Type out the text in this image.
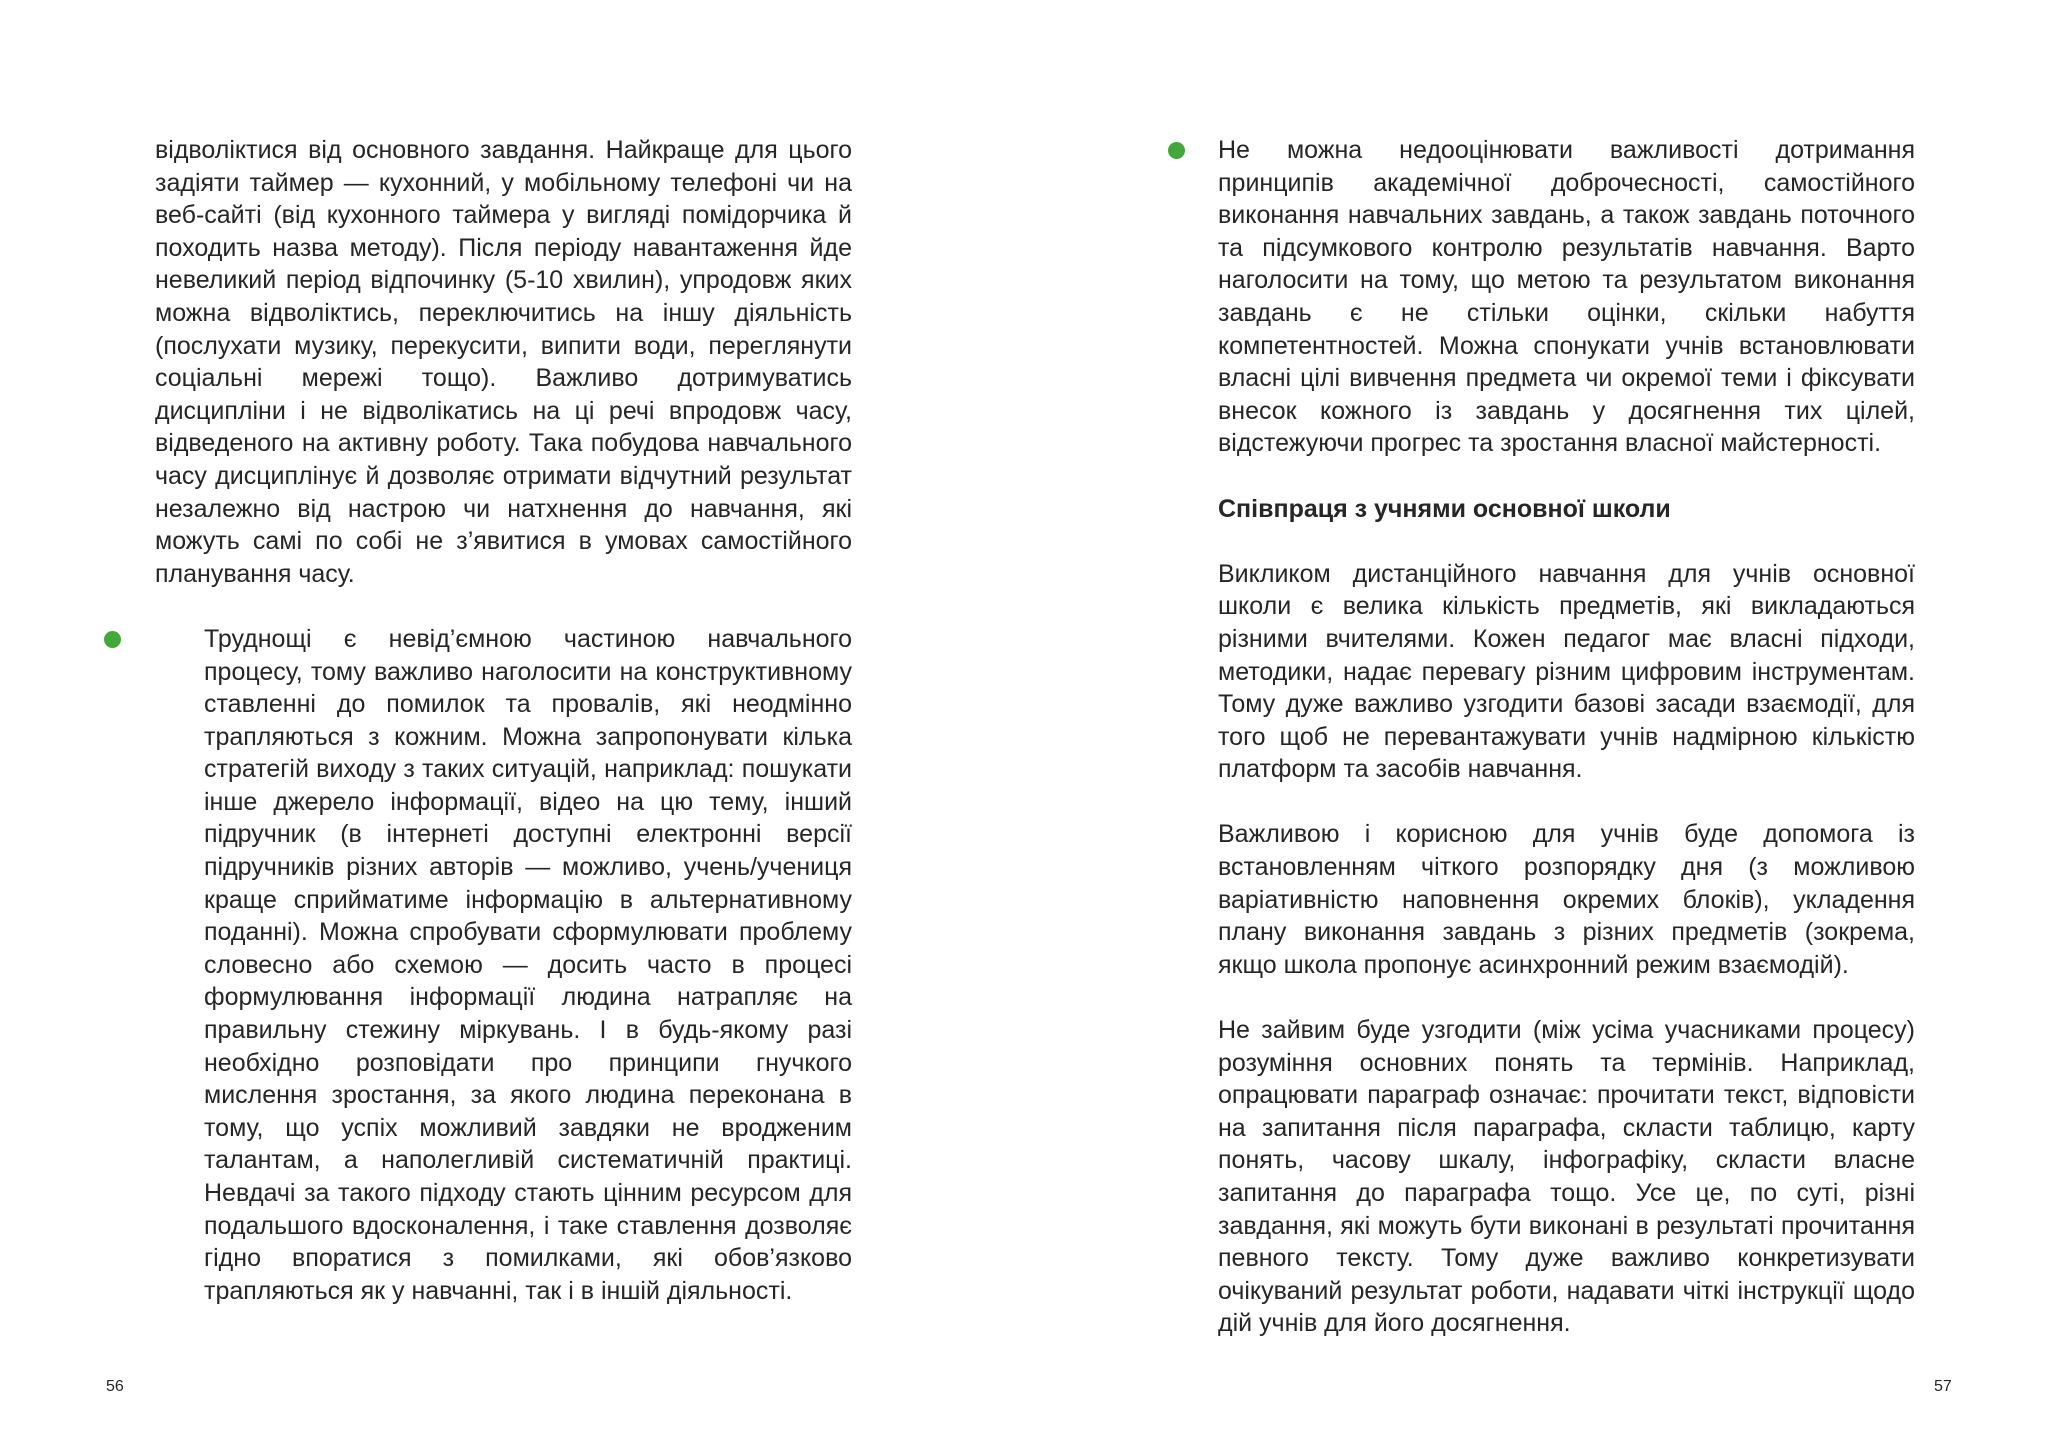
відволіктися від основного завдання. Найкраще для цього задіяти таймер — кухонний, у мобільному телефоні чи на веб-сайті (від кухонного таймера у вигляді помідорчика й походить назва методу). Після періоду навантаження йде невеликий період відпочинку (5-10 хвилин), упродовж яких можна відволіктись, переключитись на іншу діяльність (послухати музику, перекусити, випити води, переглянути соціальні мережі тощо). Важливо дотримуватись дисципліни і не відволікатись на ці речі впродовж часу, відведеного на активну роботу. Така побудова навчального часу дисциплінує й дозволяє отримати відчутний результат незалежно від настрою чи натхнення до навчання, які можуть самі по собі не з’явитися в умовах самостійного планування часу.

Труднощі є невід’ємною частиною навчального процесу, тому важливо наголосити на конструктивному ставленні до помилок та провалів, які неодмінно трапляються з кожним. Можна запропонувати кілька стратегій виходу з таких ситуацій, наприклад: пошукати інше джерело інформації, відео на цю тему, інший підручник (в інтернеті доступні електронні версії підручників різних авторів — можливо, учень/учениця краще сприйматиме інформацію в альтернативному поданні). Можна спробувати сформулювати проблему словесно або схемою — досить часто в процесі формулювання інформації людина натрапляє на правильну стежину міркувань. І в будь-якому разі необхідно розповідати про принципи гнучкого мислення зростання, за якого людина переконана в тому, що успіх можливий завдяки не вродженим талантам, а наполегливій систематичній практиці. Невдачі за такого підходу стають цінним ресурсом для подальшого вдосконалення, і таке ставлення дозволяє гідно впоратися з помилками, які обов’язково трапляються як у навчанні, так і в іншій діяльності.

56

Не можна недооцінювати важливості дотримання принципів академічної доброчесності, самостійного виконання навчальних завдань, а також завдань поточного та підсумкового контролю результатів навчання. Варто наголосити на тому, що метою та результатом виконання завдань є не стільки оцінки, скільки набуття компетентностей. Можна спонукати учнів встановлювати власні цілі вивчення предмета чи окремої теми і фіксувати внесок кожного із завдань у досягнення тих цілей, відстежуючи прогрес та зростання власної майстерності.

Співпраця з учнями основної школи

Викликом дистанційного навчання для учнів основної школи є велика кількість предметів, які викладаються різними вчителями. Кожен педагог має власні підходи, методики, надає перевагу різним цифровим інструментам. Тому дуже важливо узгодити базові засади взаємодії, для того щоб не перевантажувати учнів надмірною кількістю платформ та засобів навчання.

Важливою і корисною для учнів буде допомога із встановленням чіткого розпорядку дня (з можливою варіативністю наповнення окремих блоків), укладення плану виконання завдань з різних предметів (зокрема, якщо школа пропонує асинхронний режим взаємодій).

Не зайвим буде узгодити (між усіма учасниками процесу) розуміння основних понять та термінів. Наприклад, опрацювати параграф означає: прочитати текст, відповісти на запитання після параграфа, скласти таблицю, карту понять, часову шкалу, інфографіку, скласти власне запитання до параграфа тощо. Усе це, по суті, різні завдання, які можуть бути виконані в результаті прочитання певного тексту. Тому дуже важливо конкретизувати очікуваний результат роботи, надавати чіткі інструкції щодо дій учнів для його досягнення.

57
